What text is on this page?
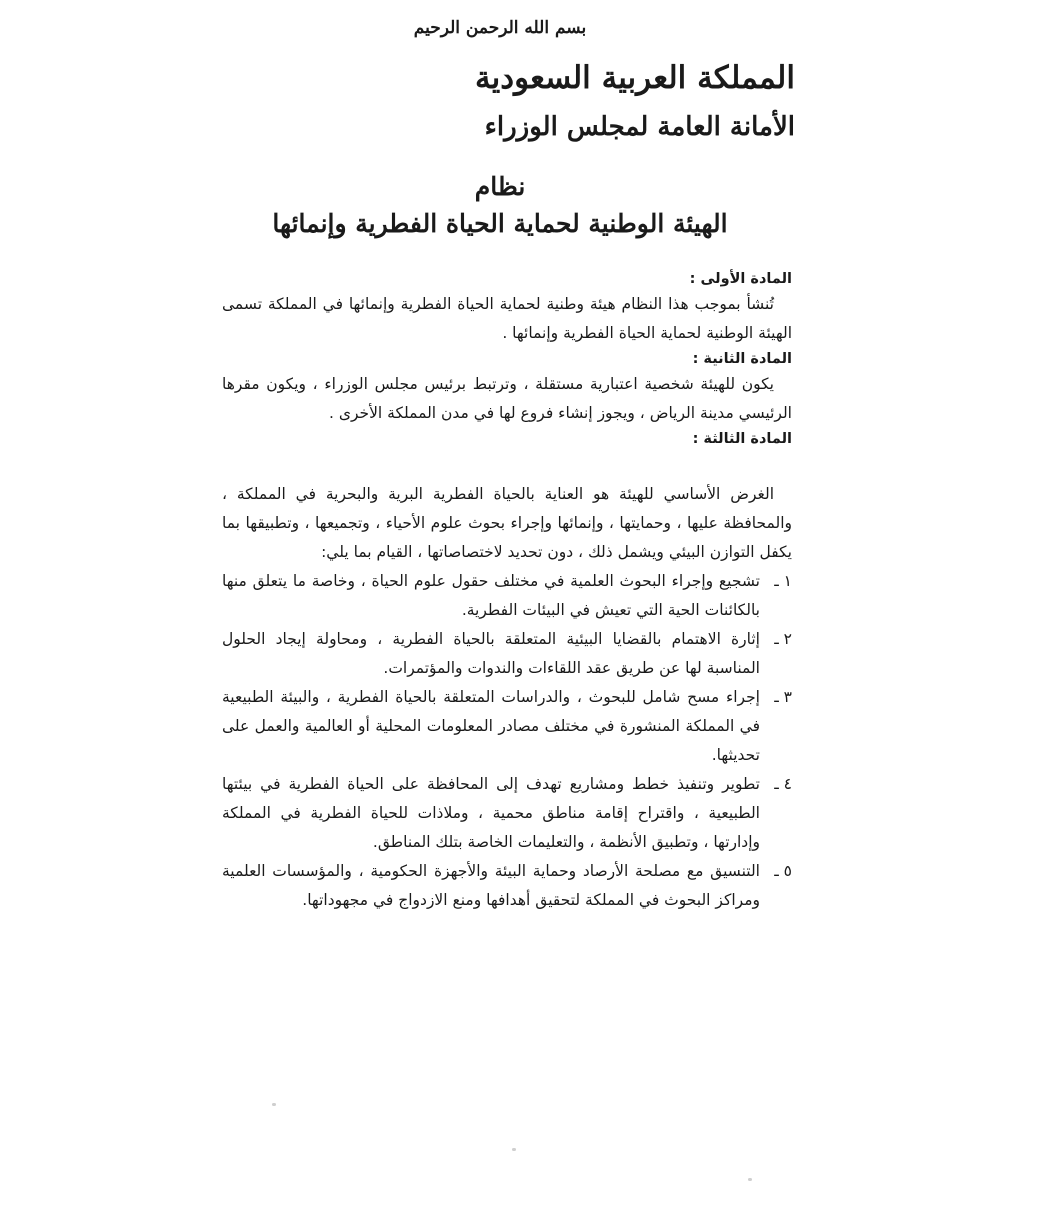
بسم الله الرحمن الرحيم
المملكة العربية السعودية
الأمانة العامة لمجلس الوزراء
نظام
الهيئة الوطنية لحماية الحياة الفطرية وإنمائها

المادة الأولى :

تُنشأ بموجب هذا النظام هيئة وطنية لحماية الحياة الفطرية وإنمائها في المملكة تسمى الهيئة الوطنية لحماية الحياة الفطرية وإنمائها .

المادة الثانية :

يكون للهيئة شخصية اعتبارية مستقلة ، وترتبط برئيس مجلس الوزراء ، ويكون مقرها الرئيسي مدينة الرياض ، ويجوز إنشاء فروع لها في مدن المملكة الأخرى .

المادة الثالثة :

الغرض الأساسي للهيئة هو العناية بالحياة الفطرية البرية والبحرية في المملكة ، والمحافظة عليها ، وحمايتها ، وإنمائها وإجراء بحوث علوم الأحياء ، وتجميعها ، وتطبيقها بما يكفل التوازن البيئي ويشمل ذلك ، دون تحديد لاختصاصاتها ، القيام بما يلي:

١ ـ
تشجيع وإجراء البحوث العلمية في مختلف حقول علوم الحياة ، وخاصة ما يتعلق منها بالكائنات الحية التي تعيش في البيئات الفطرية.
٢ ـ
إثارة الاهتمام بالقضايا البيئية المتعلقة بالحياة الفطرية ، ومحاولة إيجاد الحلول المناسبة لها عن طريق عقد اللقاءات والندوات والمؤتمرات.
٣ ـ
إجراء مسح شامل للبحوث ، والدراسات المتعلقة بالحياة الفطرية ، والبيئة الطبيعية في المملكة المنشورة في مختلف مصادر المعلومات المحلية أو العالمية والعمل على تحديثها.
٤ ـ
تطوير وتنفيذ خطط ومشاريع تهدف إلى المحافظة على الحياة الفطرية في بيئتها الطبيعية ، واقتراح إقامة مناطق محمية ، وملاذات للحياة الفطرية في المملكة وإدارتها ، وتطبيق الأنظمة ، والتعليمات الخاصة بتلك المناطق.
٥ ـ
التنسيق مع مصلحة الأرصاد وحماية البيئة والأجهزة الحكومية ، والمؤسسات العلمية ومراكز البحوث في المملكة لتحقيق أهدافها ومنع الازدواج في مجهوداتها.
